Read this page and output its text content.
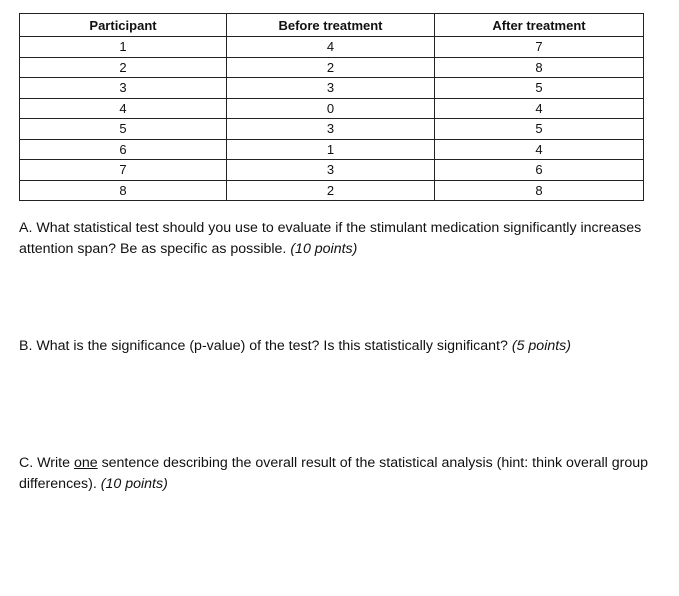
Participant	Before treatment	After treatment
1	4	7
2	2	8
3	3	5
4	0	4
5	3	5
6	1	4
7	3	6
8	2	8
A. What statistical test should you use to evaluate if the stimulant medication significantly increases attention span? Be as specific as possible. (10 points)
B. What is the significance (p-value) of the test? Is this statistically significant? (5 points)
C. Write one sentence describing the overall result of the statistical analysis (hint: think overall group differences). (10 points)
